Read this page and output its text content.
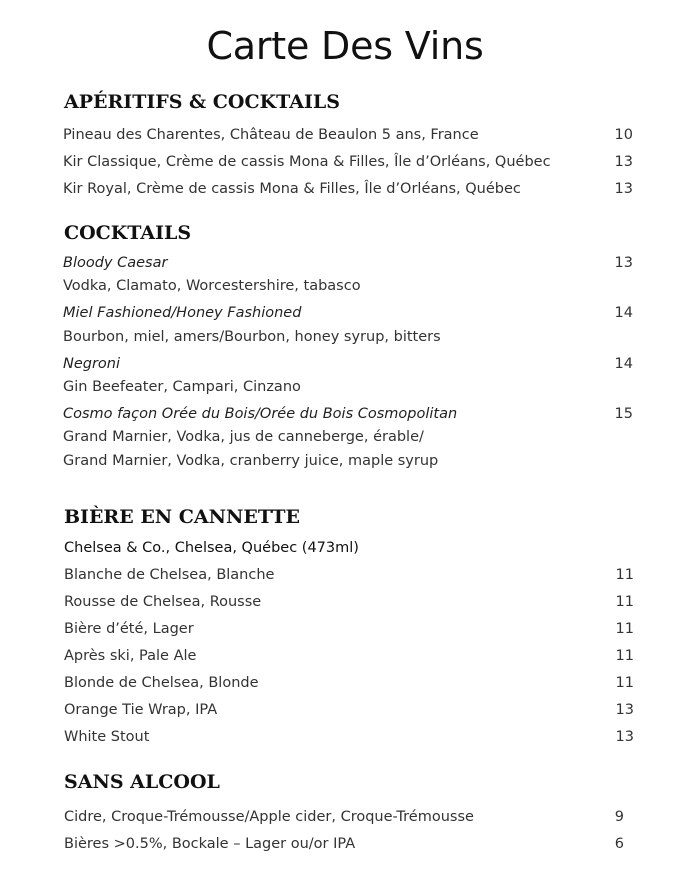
Carte Des Vins
APÉRITIFS & COCKTAILS
Pineau des Charentes, Château de Beaulon 5 ans, France	10
Kir Classique, Crème de cassis Mona & Filles, Île d’Orléans, Québec	13
Kir Royal, Crème de cassis Mona & Filles, Île d’Orléans, Québec	13
COCKTAILS
Bloody Caesar	13
Vodka, Clamato, Worcestershire, tabasco
Miel Fashioned/Honey Fashioned	14
Bourbon, miel, amers/Bourbon, honey syrup, bitters
Negroni	14
Gin Beefeater, Campari, Cinzano
Cosmo façon Orée du Bois/Orée du Bois Cosmopolitan	15
Grand Marnier, Vodka, jus de canneberge, érable/
Grand Marnier, Vodka, cranberry juice, maple syrup
BIÈRE EN CANNETTE
Chelsea & Co., Chelsea, Québec (473ml)
Blanche de Chelsea, Blanche	11
Rousse de Chelsea, Rousse	11
Bière d’été, Lager	11
Après ski, Pale Ale	11
Blonde de Chelsea, Blonde	11
Orange Tie Wrap, IPA	13
White Stout	13
SANS ALCOOL
Cidre, Croque-Trémousse/Apple cider, Croque-Trémousse	9
Bières >0.5%, Bockale – Lager ou/or IPA	6
